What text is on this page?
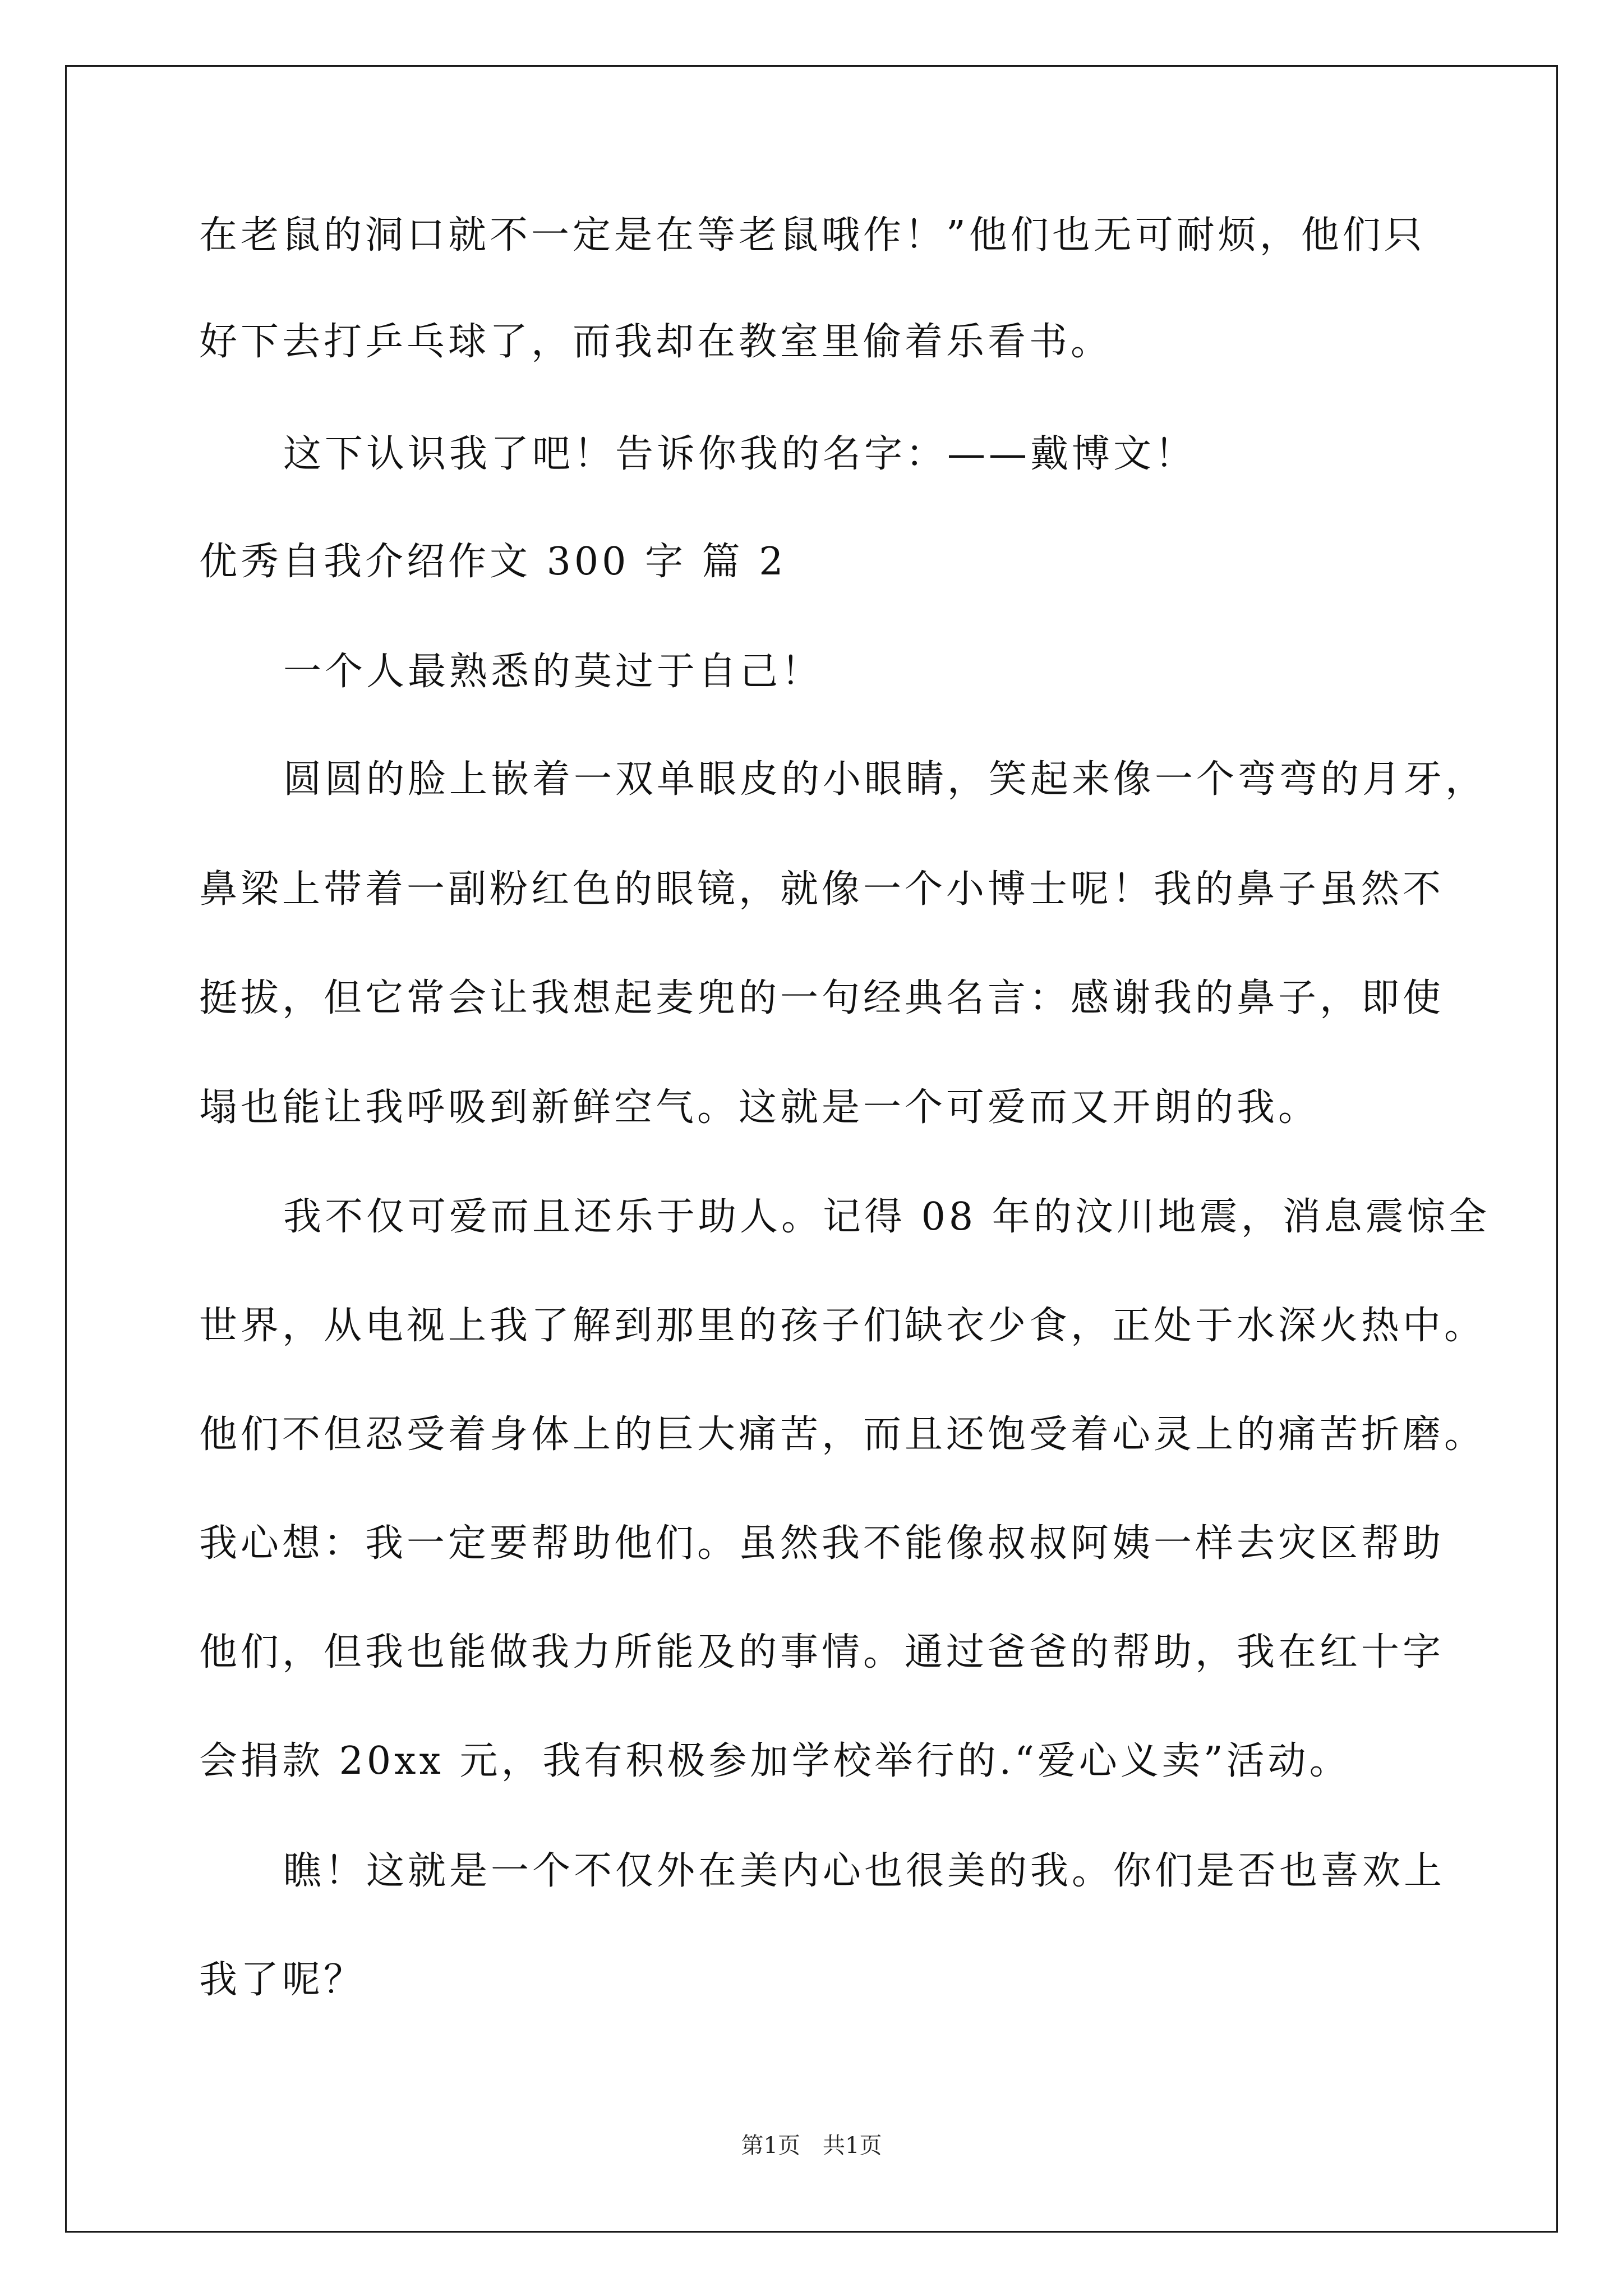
在老鼠的洞口就不一定是在等老鼠哦作！”他们也无可耐烦，他们只
好下去打乒乓球了，而我却在教室里偷着乐看书。
这下认识我了吧！告诉你我的名字：——戴博文！
优秀自我介绍作文 300 字 篇 2
一个人最熟悉的莫过于自己！
圆圆的脸上嵌着一双单眼皮的小眼睛，笑起来像一个弯弯的月牙，
鼻梁上带着一副粉红色的眼镜，就像一个小博士呢！我的鼻子虽然不
挺拔，但它常会让我想起麦兜的一句经典名言：感谢我的鼻子，即使
塌也能让我呼吸到新鲜空气。这就是一个可爱而又开朗的我。
我不仅可爱而且还乐于助人。记得 08 年的汶川地震，消息震惊全
世界，从电视上我了解到那里的孩子们缺衣少食，正处于水深火热中。
他们不但忍受着身体上的巨大痛苦，而且还饱受着心灵上的痛苦折磨。
我心想：我一定要帮助他们。虽然我不能像叔叔阿姨一样去灾区帮助
他们，但我也能做我力所能及的事情。通过爸爸的帮助，我在红十字
会捐款 20xx 元，我有积极参加学校举行的.“爱心义卖”活动。
瞧！这就是一个不仅外在美内心也很美的我。你们是否也喜欢上
我了呢？
第1页　共1页
